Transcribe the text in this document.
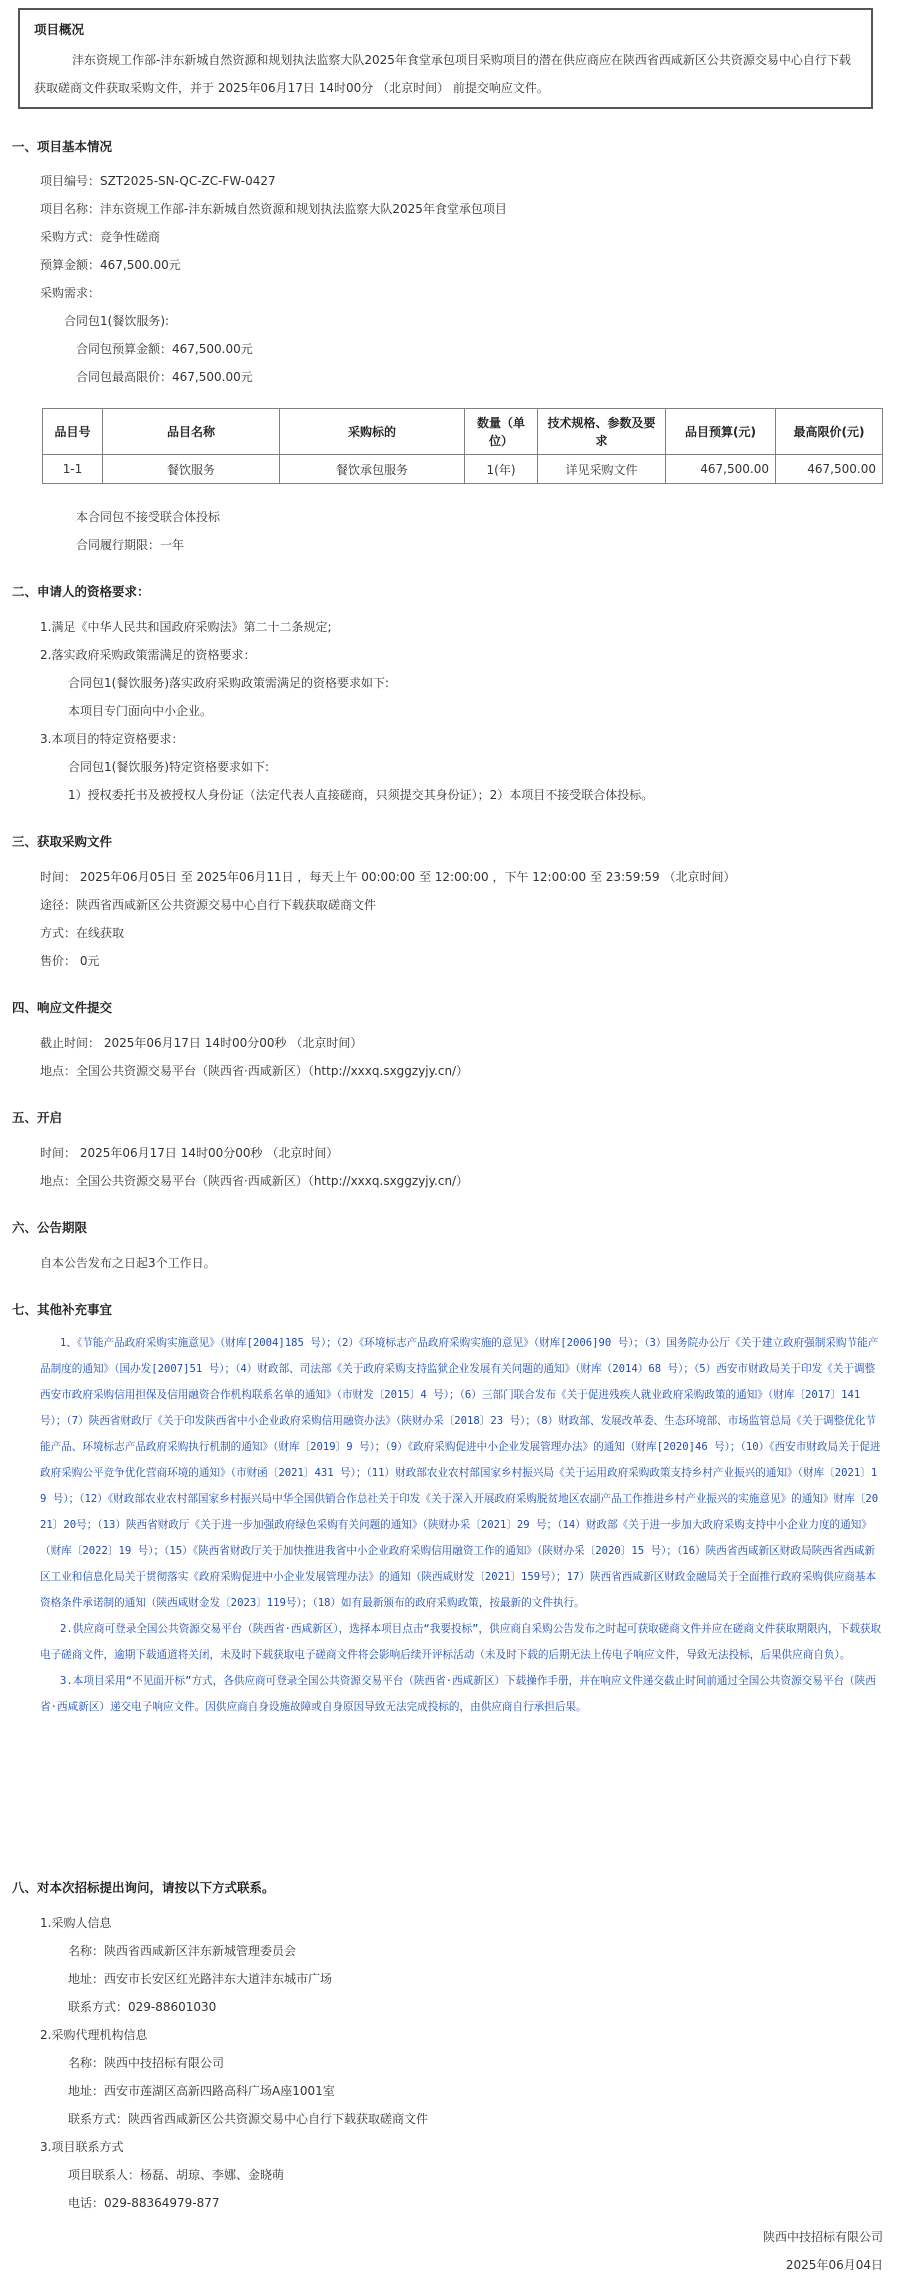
项目概况
沣东资规工作部-沣东新城自然资源和规划执法监察大队2025年食堂承包项目采购项目的潜在供应商应在陕西省西咸新区公共资源交易中心自行下载获取磋商文件获取采购文件，并于 2025年06月17日 14时00分 （北京时间） 前提交响应文件。
一、项目基本情况
项目编号：SZT2025-SN-QC-ZC-FW-0427
项目名称：沣东资规工作部-沣东新城自然资源和规划执法监察大队2025年食堂承包项目
采购方式：竞争性磋商
预算金额：467,500.00元
采购需求：
合同包1(餐饮服务):
合同包预算金额：467,500.00元
合同包最高限价：467,500.00元
品目号	品目名称	采购标的	数量（单位）	技术规格、参数及要求	品目预算(元)	最高限价(元)
1-1	餐饮服务	餐饮承包服务	1(年)	详见采购文件	467,500.00	467,500.00
本合同包不接受联合体投标
合同履行期限：一年
二、申请人的资格要求：
1.满足《中华人民共和国政府采购法》第二十二条规定;
2.落实政府采购政策需满足的资格要求：
合同包1(餐饮服务)落实政府采购政策需满足的资格要求如下:
本项目专门面向中小企业。
3.本项目的特定资格要求：
合同包1(餐饮服务)特定资格要求如下:
1）授权委托书及被授权人身份证（法定代表人直接磋商，只须提交其身份证）；2）本项目不接受联合体投标。
三、获取采购文件
时间： 2025年06月05日 至 2025年06月11日 ，每天上午 00:00:00 至 12:00:00 ，下午 12:00:00 至 23:59:59 （北京时间）
途径：陕西省西咸新区公共资源交易中心自行下载获取磋商文件
方式：在线获取
售价： 0元
四、响应文件提交
截止时间： 2025年06月17日 14时00分00秒 （北京时间）
地点：全国公共资源交易平台（陕西省·西咸新区）（http://xxxq.sxggzyjy.cn/）
五、开启
时间： 2025年06月17日 14时00分00秒 （北京时间）
地点：全国公共资源交易平台（陕西省·西咸新区）（http://xxxq.sxggzyjy.cn/）
六、公告期限
自本公告发布之日起3个工作日。
七、其他补充事宜

1、《节能产品政府采购实施意见》（财库[2004]185 号）；（2）《环境标志产品政府采购实施的意见》（财库[2006]90 号）；（3）国务院办公厅《关于建立政府强制采购节能产品制度的通知》（国办发[2007]51 号）；（4）财政部、司法部《关于政府采购支持监狱企业发展有关问题的通知》（财库（2014）68 号）；（5）西安市财政局关于印发《关于调整西安市政府采购信用担保及信用融资合作机构联系名单的通知》（市财发〔2015〕4 号）；（6）三部门联合发布《关于促进残疾人就业政府采购政策的通知》（财库〔2017〕141 号）；（7）陕西省财政厅《关于印发陕西省中小企业政府采购信用融资办法》（陕财办采〔2018〕23 号）；（8）财政部、发展改革委、生态环境部、市场监管总局《关于调整优化节能产品、环境标志产品政府采购执行机制的通知》（财库〔2019〕9 号）；（9）《政府采购促进中小企业发展管理办法》的通知（财库[2020]46 号）；（10）《西安市财政局关于促进政府采购公平竞争优化营商环境的通知》（市财函〔2021〕431 号）；（11）财政部农业农村部国家乡村振兴局《关于运用政府采购政策支持乡村产业振兴的通知》（财库〔2021〕19 号）；（12）《财政部农业农村部国家乡村振兴局中华全国供销合作总社关于印发《关于深入开展政府采购脱贫地区农副产品工作推进乡村产业振兴的实施意见》的通知》财库〔2021〕20号；（13）陕西省财政厅《关于进一步加强政府绿色采购有关问题的通知》（陕财办采〔2021〕29 号；（14）财政部《关于进一步加大政府采购支持中小企业力度的通知》（财库〔2022〕19 号）；（15）《陕西省财政厅关于加快推进我省中小企业政府采购信用融资工作的通知》（陕财办采〔2020〕15 号）；（16）陕西省西咸新区财政局陕西省西咸新区工业和信息化局关于贯彻落实《政府采购促进中小企业发展管理办法》的通知（陕西咸财发〔2021〕159号）；17）陕西省西咸新区财政金融局关于全面推行政府采购供应商基本资格条件承诺制的通知（陕西咸财金发〔2023〕119号）；（18）如有最新颁布的政府采购政策，按最新的文件执行。

2.供应商可登录全国公共资源交易平台（陕西省·西咸新区），选择本项目点击“我要投标”，供应商自采购公告发布之时起可获取磋商文件并应在磋商文件获取期限内，下载获取电子磋商文件，逾期下载通道将关闭，未及时下载获取电子磋商文件将会影响后续开评标活动（未及时下载的后期无法上传电子响应文件，导致无法投标，后果供应商自负）。

3.本项目采用“不见面开标”方式，各供应商可登录全国公共资源交易平台（陕西省·西咸新区）下载操作手册，并在响应文件递交截止时间前通过全国公共资源交易平台（陕西省·西咸新区）递交电子响应文件。因供应商自身设施故障或自身原因导致无法完成投标的，由供应商自行承担后果。

八、对本次招标提出询问，请按以下方式联系。
1.采购人信息
名称：陕西省西咸新区沣东新城管理委员会
地址：西安市长安区红光路沣东大道沣东城市广场
联系方式：029-88601030
2.采购代理机构信息
名称：陕西中技招标有限公司
地址：西安市莲湖区高新四路高科广场A座1001室
联系方式：陕西省西咸新区公共资源交易中心自行下载获取磋商文件
3.项目联系方式
项目联系人：杨磊、胡琼、李娜、金晓萌
电话：029-88364979-877
陕西中技招标有限公司
2025年06月04日
